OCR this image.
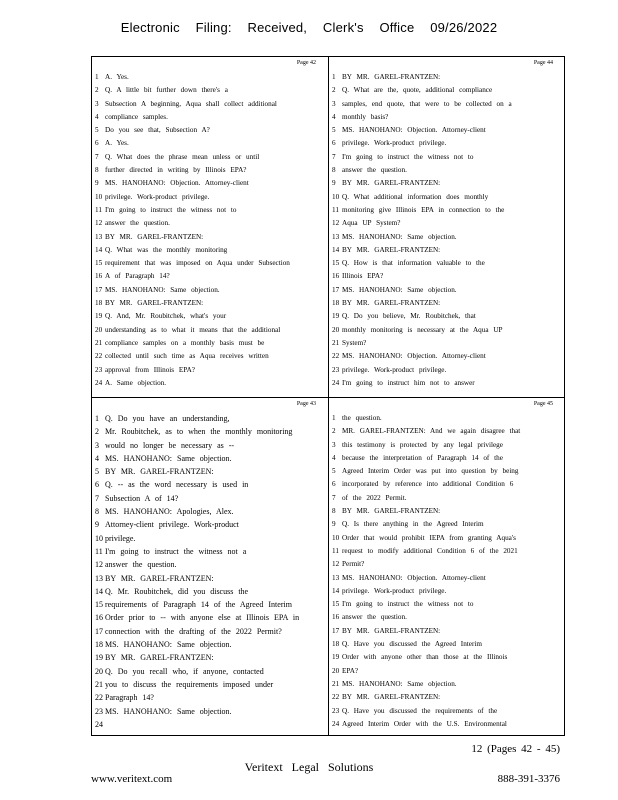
Electronic Filing: Received, Clerk's Office 09/26/2022
Page 42
1 A. Yes.
2 Q. A little bit further down there's a
3 Subsection A beginning, Aqua shall collect additional
4 compliance samples.
5 Do you see that, Subsection A?
6 A. Yes.
7 Q. What does the phrase mean unless or until
8 further directed in writing by Illinois EPA?
9 MS. HANOHANO: Objection. Attorney-client
10 privilege. Work-product privilege.
11 I'm going to instruct the witness not to
12 answer the question.
13 BY MR. GAREL-FRANTZEN:
14 Q. What was the monthly monitoring
15 requirement that was imposed on Aqua under Subsection
16 A of Paragraph 14?
17 MS. HANOHANO: Same objection.
18 BY MR. GAREL-FRANTZEN:
19 Q. And, Mr. Roubitchek, what's your
20 understanding as to what it means that the additional
21 compliance samples on a monthly basis must be
22 collected until such time as Aqua receives written
23 approval from Illinois EPA?
24 A. Same objection.
Page 44
1 BY MR. GAREL-FRANTZEN:
2 Q. What are the, quote, additional compliance
3 samples, end quote, that were to be collected on a
4 monthly basis?
5 MS. HANOHANO: Objection. Attorney-client
6 privilege. Work-product privilege.
7 I'm going to instruct the witness not to
8 answer the question.
9 BY MR. GAREL-FRANTZEN:
10 Q. What additional information does monthly
11 monitoring give Illinois EPA in connection to the
12 Aqua UP System?
13 MS. HANOHANO: Same objection.
14 BY MR. GAREL-FRANTZEN:
15 Q. How is that information valuable to the
16 Illinois EPA?
17 MS. HANOHANO: Same objection.
18 BY MR. GAREL-FRANTZEN:
19 Q. Do you believe, Mr. Roubitchek, that
20 monthly monitoring is necessary at the Aqua UP
21 System?
22 MS. HANOHANO: Objection. Attorney-client
23 privilege. Work-product privilege.
24 I'm going to instruct him not to answer
Page 43
1 Q. Do you have an understanding,
2 Mr. Roubitchek, as to when the monthly monitoring
3 would no longer be necessary as --
4 MS. HANOHANO: Same objection.
5 BY MR. GAREL-FRANTZEN:
6 Q. -- as the word necessary is used in
7 Subsection A of 14?
8 MS. HANOHANO: Apologies, Alex.
9 Attorney-client privilege. Work-product
10 privilege.
11 I'm going to instruct the witness not a
12 answer the question.
13 BY MR. GAREL-FRANTZEN:
14 Q. Mr. Roubitchek, did you discuss the
15 requirements of Paragraph 14 of the Agreed Interim
16 Order prior to -- with anyone else at Illinois EPA in
17 connection with the drafting of the 2022 Permit?
18 MS. HANOHANO: Same objection.
19 BY MR. GAREL-FRANTZEN:
20 Q. Do you recall who, if anyone, contacted
21 you to discuss the requirements imposed under
22 Paragraph 14?
23 MS. HANOHANO: Same objection.
24
Page 45
1 the question.
2 MR. GAREL-FRANTZEN: And we again disagree that
3 this testimony is protected by any legal privilege
4 because the interpretation of Paragraph 14 of the
5 Agreed Interim Order was put into question by being
6 incorporated by reference into additional Condition 6
7 of the 2022 Permit.
8 BY MR. GAREL-FRANTZEN:
9 Q. Is there anything in the Agreed Interim
10 Order that would prohibit IEPA from granting Aqua's
11 request to modify additional Condition 6 of the 2021
12 Permit?
13 MS. HANOHANO: Objection. Attorney-client
14 privilege. Work-product privilege.
15 I'm going to instruct the witness not to
16 answer the question.
17 BY MR. GAREL-FRANTZEN:
18 Q. Have you discussed the Agreed Interim
19 Order with anyone other than those at the Illinois
20 EPA?
21 MS. HANOHANO: Same objection.
22 BY MR. GAREL-FRANTZEN:
23 Q. Have you discussed the requirements of the
24 Agreed Interim Order with the U.S. Environmental
12 (Pages 42 - 45)
Veritext Legal Solutions
www.veritext.com	888-391-3376
